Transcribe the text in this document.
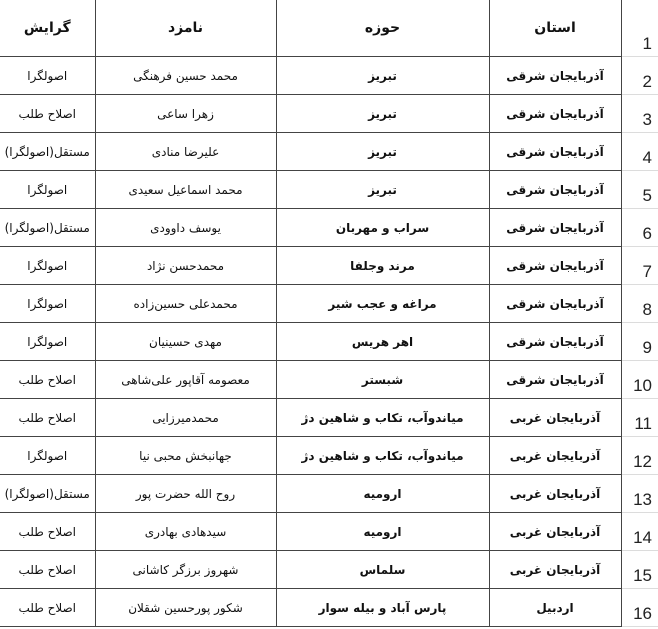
گرایش	نامزد	حوزه	استان	1
اصولگرا	محمد حسین فرهنگی	تبریز	آذربایجان شرقی	2
اصلاح طلب	زهرا ساعی	تبریز	آذربایجان شرقی	3
مستقل(اصولگرا)	علیرضا منادی	تبریز	آذربایجان شرقی	4
اصولگرا	محمد اسماعیل سعیدی	تبریز	آذربایجان شرقی	5
مستقل(اصولگرا)	یوسف داوودی	سراب و مهربان	آذربایجان شرقی	6
اصولگرا	محمدحسن نژاد	مرند وجلفا	آذربایجان شرقی	7
اصولگرا	محمدعلی حسین‌زاده	مراغه و عجب شیر	آذربایجان شرقی	8
اصولگرا	مهدی حسینیان	اهر هریس	آذربایجان شرقی	9
اصلاح طلب	معصومه آقاپور علی‌شاهی	شبستر	آذربایجان شرقی	10
اصلاح طلب	محمدمیرزایی	میاندوآب، تکاب و شاهین دژ	آذربایجان غربی	11
اصولگرا	جهانبخش محبی نیا	میاندوآب، تکاب و شاهین دژ	آذربایجان غربی	12
مستقل(اصولگرا)	روح الله حضرت پور	ارومیه	آذربایجان غربی	13
اصلاح طلب	سیدهادی بهادری	ارومیه	آذربایجان غربی	14
اصلاح طلب	شهروز برزگر کاشانی	سلماس	آذربایجان غربی	15
اصلاح طلب	شکور پورحسین شقلان	پارس آباد و بیله سوار	اردبیل	16
